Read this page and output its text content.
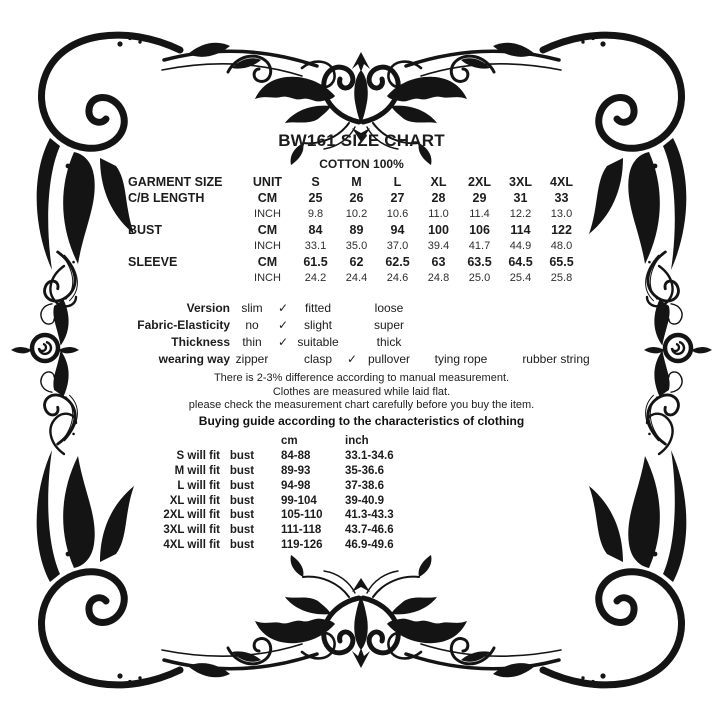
BW161 SIZE CHART
COTTON 100%
GARMENT SIZE	UNIT	S	M	L	XL	2XL	3XL	4XL
C/B LENGTH	CM	25	26	27	28	29	31	33
INCH	9.8	10.2	10.6	11.0	11.4	12.2	13.0
BUST	CM	84	89	94	100	106	114	122
INCH	33.1	35.0	37.0	39.4	41.7	44.9	48.0
SLEEVE	CM	61.5	62	62.5	63	63.5	64.5	65.5
INCH	24.2	24.4	24.6	24.8	25.0	25.4	25.8
Version slim	✓	fitted	loose
Fabric-Elasticity	no	✓	slight	super
Thickness	thin	✓ suitable	thick
wearing way zipper	clasp	✓ pullover	tying rope	rubber string
There is 2-3% difference according to manual measurement.
Clothes are measured while laid flat.
please check the measurement chart carefully before you buy the item.
Buying guide according to the characteristics of clothing
cm	inch
S will fit bust	84-88	33.1-34.6
M will fit bust	89-93	35-36.6
L will fit bust	94-98	37-38.6
XL will fit bust	99-104	39-40.9
2XL will fit bust	105-110	41.3-43.3
3XL will fit bust	111-118	43.7-46.6
4XL will fit bust	119-126	46.9-49.6
